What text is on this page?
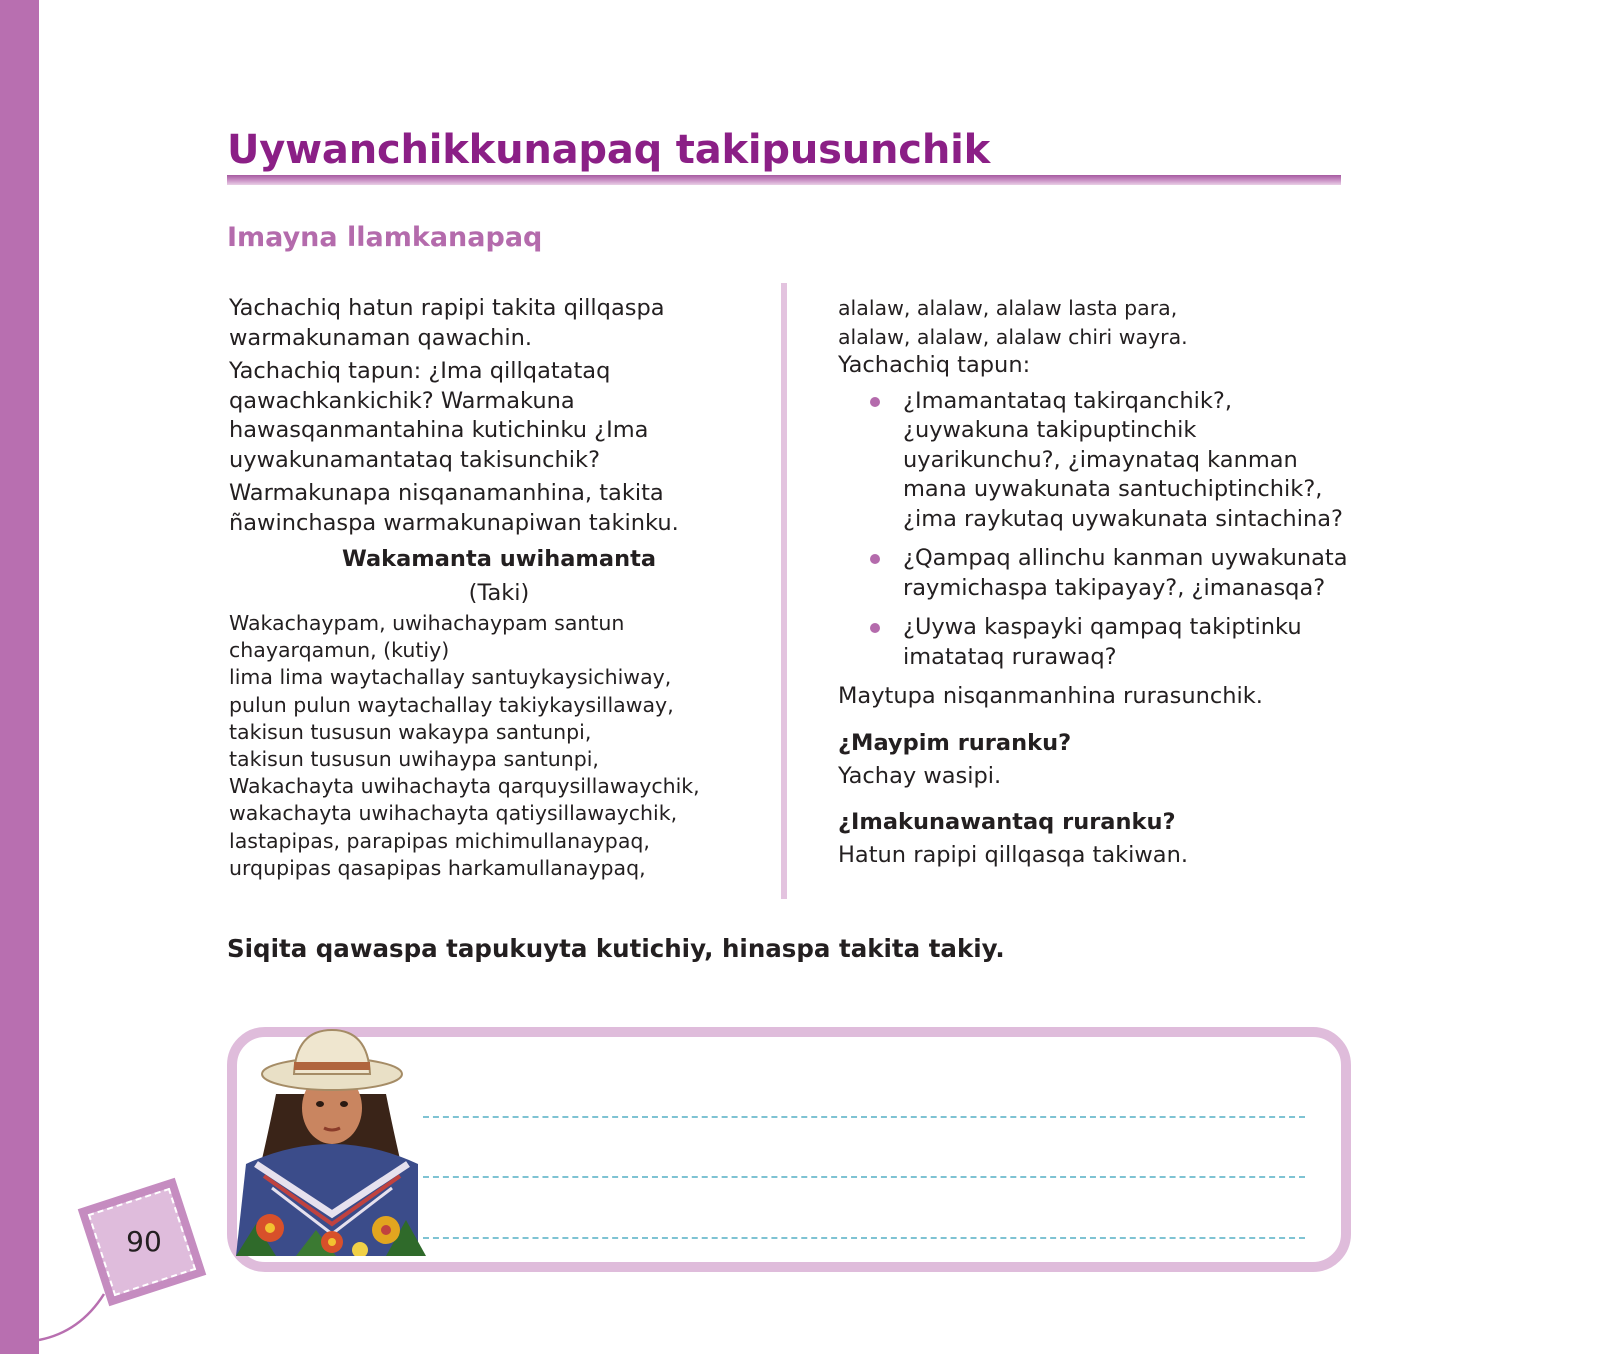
Uywanchikkunapaq takipusunchik
Imayna llamkanapaq

Yachachiq hatun rapipi takita qillqaspa warmakunaman qawachin.

Yachachiq tapun: ¿Ima qillqatataq qawachkankichik? Warmakuna hawasqanmantahina kutichinku ¿Ima uywakunamantataq takisunchik?

Warmakunapa nisqanamanhina, takita ñawinchaspa warmakunapiwan takinku.

Wakamanta uwihamanta

(Taki)

Wakachaypam, uwihachaypam santun

chayarqamun, (kutiy)

lima lima waytachallay santuykaysichiway,

pulun pulun waytachallay takiykaysillaway,

takisun tususun wakaypa santunpi,

takisun tususun uwihaypa santunpi,

Wakachayta uwihachayta qarquysillawaychik,

wakachayta uwihachayta qatiysillawaychik,

lastapipas, parapipas michimullanaypaq,

urqupipas qasapipas harkamullanaypaq,

alalaw, alalaw, alalaw lasta para,

alalaw, alalaw, alalaw chiri wayra.

Yachachiq tapun:

¿Imamantataq takirqanchik?, ¿uywakuna takipuptinchik uyarikunchu?, ¿imaynataq kanman mana uywakunata santuchiptinchik?, ¿ima raykutaq uywakunata sintachina?
¿Qampaq allinchu kanman uywakunata raymichaspa takipayay?, ¿imanasqa?
¿Uywa kaspayki qampaq takiptinku imatataq rurawaq?

Maytupa nisqanmanhina rurasunchik.

¿Maypim ruranku?

Yachay wasipi.

¿Imakunawantaq ruranku?

Hatun rapipi qillqasqa takiwan.

Siqita qawaspa tapukuyta kutichiy, hinaspa takita takiy.

90
